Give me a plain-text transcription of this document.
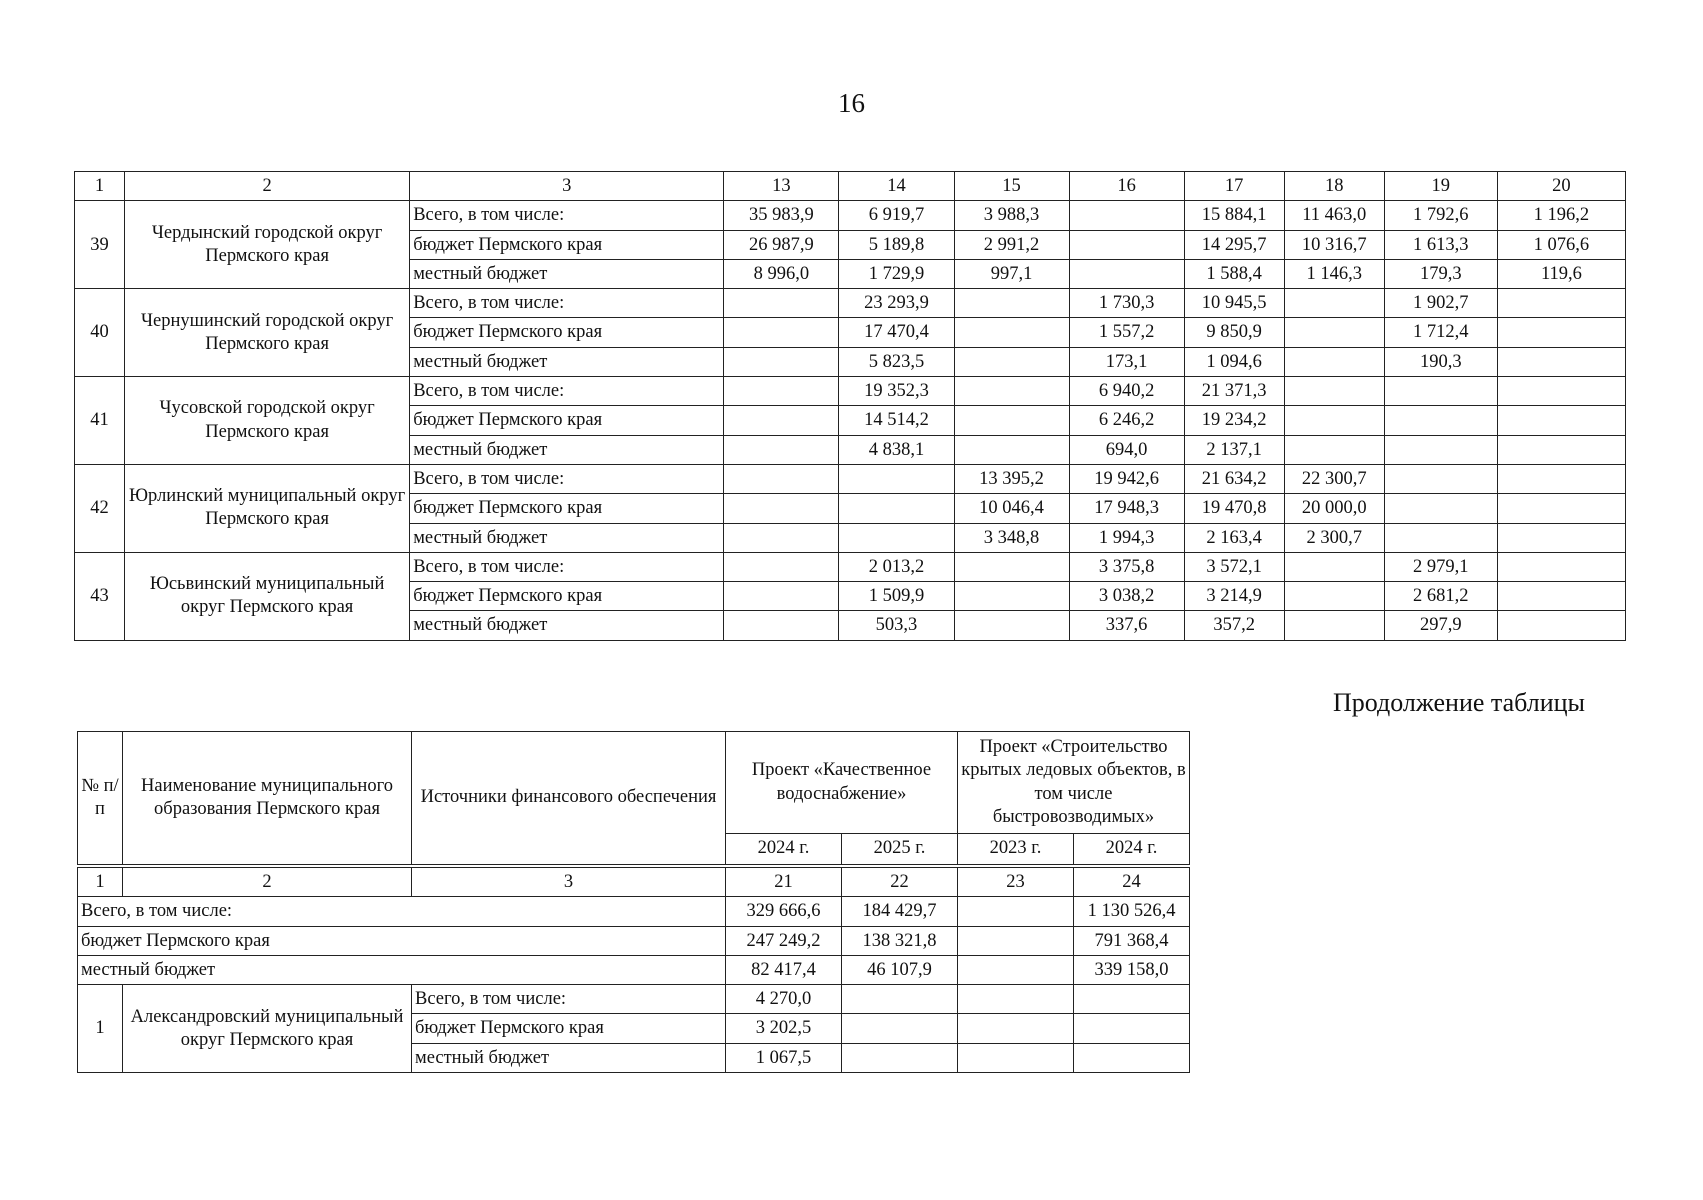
16
1	2	3	13	14	15	16	17	18	19	20
39	Чердынский городской округ Пермского края	Всего, в том числе:	35 983,9	6 919,7	3 988,3		15 884,1	11 463,0	1 792,6	1 196,2
		бюджет Пермского края	26 987,9	5 189,8	2 991,2		14 295,7	10 316,7	1 613,3	1 076,6
		местный бюджет	8 996,0	1 729,9	997,1		1 588,4	1 146,3	179,3	119,6
40	Чернушинский городской округ Пермского края	Всего, в том числе:		23 293,9		1 730,3	10 945,5		1 902,7	
		бюджет Пермского края		17 470,4		1 557,2	9 850,9		1 712,4	
		местный бюджет		5 823,5		173,1	1 094,6		190,3	
41	Чусовской городской округ Пермского края	Всего, в том числе:		19 352,3		6 940,2	21 371,3			
		бюджет Пермского края		14 514,2		6 246,2	19 234,2			
		местный бюджет		4 838,1		694,0	2 137,1			
42	Юрлинский муниципальный округ Пермского края	Всего, в том числе:			13 395,2	19 942,6	21 634,2	22 300,7		
		бюджет Пермского края			10 046,4	17 948,3	19 470,8	20 000,0		
		местный бюджет			3 348,8	1 994,3	2 163,4	2 300,7		
43	Юсьвинский муниципальный округ Пермского края	Всего, в том числе:		2 013,2		3 375,8	3 572,1		2 979,1	
		бюджет Пермского края		1 509,9		3 038,2	3 214,9		2 681,2	
		местный бюджет		503,3		337,6	357,2		297,9	
Продолжение таблицы
№ п/п	Наименование муниципального образования Пермского края	Источники финансового обеспечения	Проект «Качественное водоснабжение»		Проект «Строительство крытых ледовых объектов, в том числе быстровозводимых»	
			2024 г.	2025 г.	2023 г.	2024 г.

1	2	3	21	22	23	24
Всего, в том числе:			329 666,6	184 429,7		1 130 526,4
бюджет Пермского края			247 249,2	138 321,8		791 368,4
местный бюджет			82 417,4	46 107,9		339 158,0
1	Александровский муниципальный округ Пермского края	Всего, в том числе:	4 270,0			
		бюджет Пермского края	3 202,5			
		местный бюджет	1 067,5			
